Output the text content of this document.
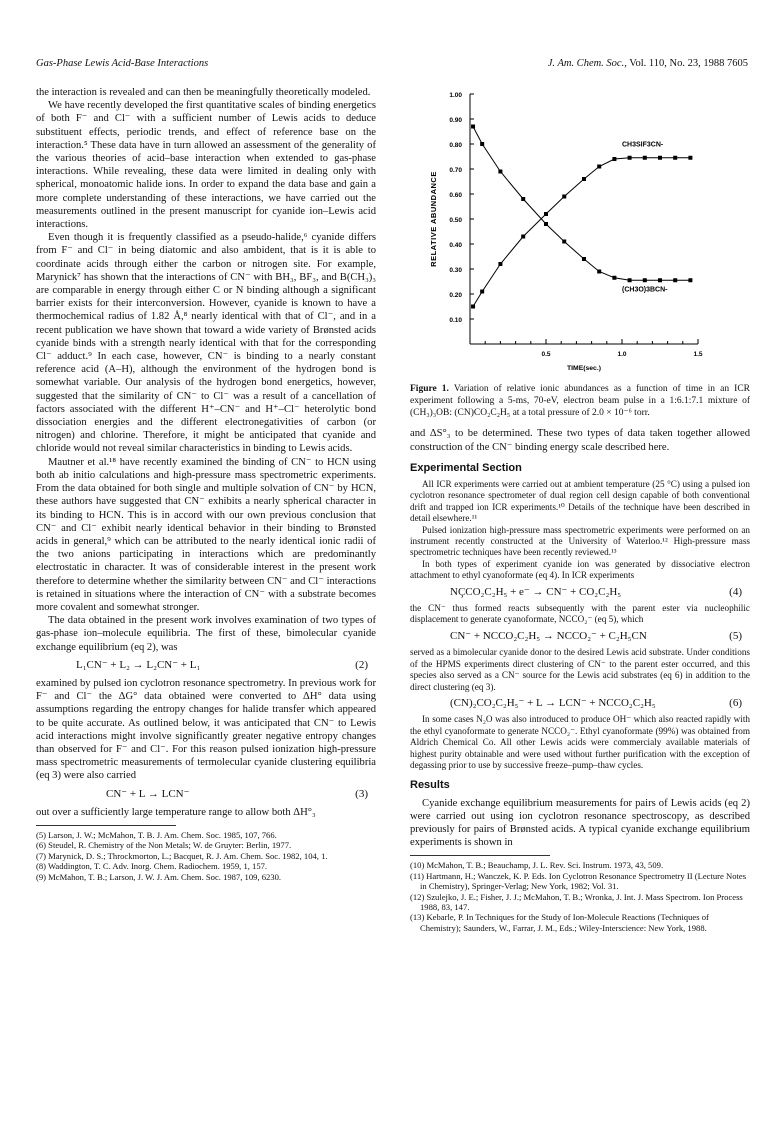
Gas-Phase Lewis Acid-Base Interactions	J. Am. Chem. Soc., Vol. 110, No. 23, 1988 7605

the interaction is revealed and can then be meaningfully theoretically modeled.

We have recently developed the first quantitative scales of binding energetics of both F⁻ and Cl⁻ with a sufficient number of Lewis acids to deduce substituent effects, periodic trends, and effect of reference base on the interaction.⁵ These data have in turn allowed an assessment of the generality of the various theories of acid–base interaction when extended to gas-phase interactions. While revealing, these data were limited in dealing only with spherical, monoatomic halide ions. In order to expand the data base and gain a more complete understanding of these interactions, we have carried out the measurements outlined in the present manuscript for cyanide ion–Lewis acid interactions.

Even though it is frequently classified as a pseudo-halide,⁶ cyanide differs from F⁻ and Cl⁻ in being diatomic and also ambident, that is it is able to coordinate acids through either the carbon or nitrogen site. For example, Marynick⁷ has shown that the interactions of CN⁻ with BH₃, BF₃, and B(CH₃)₃ are comparable in energy through either C or N binding although a significant barrier exists for their interconversion. However, cyanide is known to have a thermochemical radius of 1.82 Å,⁸ nearly identical with that of Cl⁻, and in a recent publication we have shown that toward a wide variety of Brønsted acids cyanide binds with a strength nearly identical with that for the corresponding Cl⁻ adduct.⁹ In each case, however, CN⁻ is binding to a nearly constant reference acid (A–H), although the environment of the hydrogen bond is somewhat variable. Our analysis of the hydrogen bond energetics, however, suggested that the similarity of CN⁻ to Cl⁻ was a result of a cancellation of factors associated with the different H⁺–CN⁻ and H⁺–Cl⁻ heterolytic bond dissociation energies and the different electronegativities of carbon (or nitrogen) and chlorine. Therefore, it might be anticipated that cyanide and chloride would not reveal similar characteristics in binding to Lewis acids.

Mautner et al.¹⁸ have recently examined the binding of CN⁻ to HCN using both ab initio calculations and high-pressure mass spectrometric experiments. From the data obtained for both single and multiple solvation of CN⁻ by HCN, these authors have suggested that CN⁻ exhibits a nearly spherical character in its binding to HCN. This is in accord with our own previous conclusion that CN⁻ and Cl⁻ exhibit nearly identical behavior in their binding to Brønsted acids in general,⁹ which can be attributed to the nearly identical ionic radii of the two anions participating in interactions which are predominantly electrostatic in character. It was of considerable interest in the present work therefore to determine whether the similarity between CN⁻ and Cl⁻ interactions is retained in situations where the interaction of CN⁻ with a substrate becomes more covalent and somewhat stronger.

The data obtained in the present work involves examination of two types of gas-phase ion–molecule equilibria. The first of these, bimolecular cyanide exchange equilibrium (eq 2), was

L₁CN⁻ + L₂ → L₂CN⁻ + L₁	(2)

examined by pulsed ion cyclotron resonance spectrometry. In previous work for F⁻ and Cl⁻ the ΔG° data obtained were converted to ΔH° data using assumptions regarding the entropy changes for halide transfer which appeared to be quite accurate. As outlined below, it was anticipated that CN⁻ to Lewis acid interactions might involve significantly greater negative entropy changes than observed for F⁻ and Cl⁻. For this reason pulsed ionization high-pressure mass spectrometric measurements of termolecular cyanide clustering equilibria (eq 3) were also carried

CN⁻ + L → LCN⁻	(3)

out over a sufficiently large temperature range to allow both ΔH°₃

(5) Larson, J. W.; McMahon, T. B. J. Am. Chem. Soc. 1985, 107, 766.
(6) Steudel, R. Chemistry of the Non Metals; W. de Gruyter: Berlin, 1977.
(7) Marynick, D. S.; Throckmorton, L.; Bacquet, R. J. Am. Chem. Soc. 1982, 104, 1.
(8) Waddington, T. C. Adv. Inorg. Chem. Radiochem. 1959, 1, 157.
(9) McMahon, T. B.; Larson, J. W. J. Am. Chem. Soc. 1987, 109, 6230.
0.10
0.20
0.30
0.40
0.50
0.60
0.70
0.80
0.90
1.00
0.5	1.0	1.5
TIME(sec.)
RELATIVE ABUNDANCE
CH3SIF3CN-
(CH3O)3BCN-
Figure 1. Variation of relative ionic abundances as a function of time in an ICR experiment following a 5-ms, 70-eV, electron beam pulse in a 1:6.1:7.1 mixture of (CH₃)₃OB: (CN)CO₂C₂H₅ at a total pressure of 2.0 × 10⁻⁶ torr.

and ΔS°₃ to be determined. These two types of data taken together allowed construction of the CN⁻ binding energy scale described here.

Experimental Section

All ICR experiments were carried out at ambient temperature (25 °C) using a pulsed ion cyclotron resonance spectrometer of dual region cell design capable of both conventional drift and trapped ion ICR experiments.¹⁰ Details of the technique have been described in detail elsewhere.¹¹

Pulsed ionization high-pressure mass spectrometric experiments were performed on an instrument recently constructed at the University of Waterloo.¹² High-pressure mass spectrometric techniques have been recently reviewed.¹³

In both types of experiment cyanide ion was generated by dissociative electron attachment to ethyl cyanoformate (eq 4). In ICR experiments

NÇCO₂C₂H₅ + e⁻ → CN⁻ + CO₂C₂H₅	(4)

the CN⁻ thus formed reacts subsequently with the parent ester via nucleophilic displacement to generate cyanoformate, NCCO₂⁻ (eq 5), which

CN⁻ + NCCO₂C₂H₅ → NCCO₂⁻ + C₂H₅CN	(5)

served as a bimolecular cyanide donor to the desired Lewis acid substrate. Under conditions of the HPMS experiments direct clustering of CN⁻ to the parent ester occurred, and this species also served as a CN⁻ source for the Lewis acid substrates (eq 6) in addition to the direct clustering (eq 3).

(CN)₂CO₂C₂H₅⁻ + L → LCN⁻ + NCCO₂C₂H₅	(6)

In some cases N₂O was also introduced to produce OH⁻ which also reacted rapidly with the ethyl cyanoformate to generate NCCO₂⁻. Ethyl cyanoformate (99%) was obtained from Aldrich Chemical Co. All other Lewis acids were commercialy available materials of highest purity obtainable and were used without further purification with the exception of degassing prior to use by successive freeze–pump–thaw cycles.

Results

Cyanide exchange equilibrium measurements for pairs of Lewis acids (eq 2) were carried out using ion cyclotron resonance spectroscopy, as described previously for pairs of Brønsted acids. A typical cyanide exchange equilibrium experiments is shown in

(10) McMahon, T. B.; Beauchamp, J. L. Rev. Sci. Instrum. 1973, 43, 509.
(11) Hartmann, H.; Wanczek, K. P. Eds. Ion Cyclotron Resonance Spectrometry II (Lecture Notes in Chemistry), Springer-Verlag; New York, 1982; Vol. 31.
(12) Szulejko, J. E.; Fisher, J. J.; McMahon, T. B.; Wronka, J. Int. J. Mass Spectrom. Ion Process 1988, 83, 147.
(13) Kebarle, P. In Techniques for the Study of Ion-Molecule Reactions (Techniques of Chemistry); Saunders, W., Farrar, J. M., Eds.; Wiley-Interscience: New York, 1988.
